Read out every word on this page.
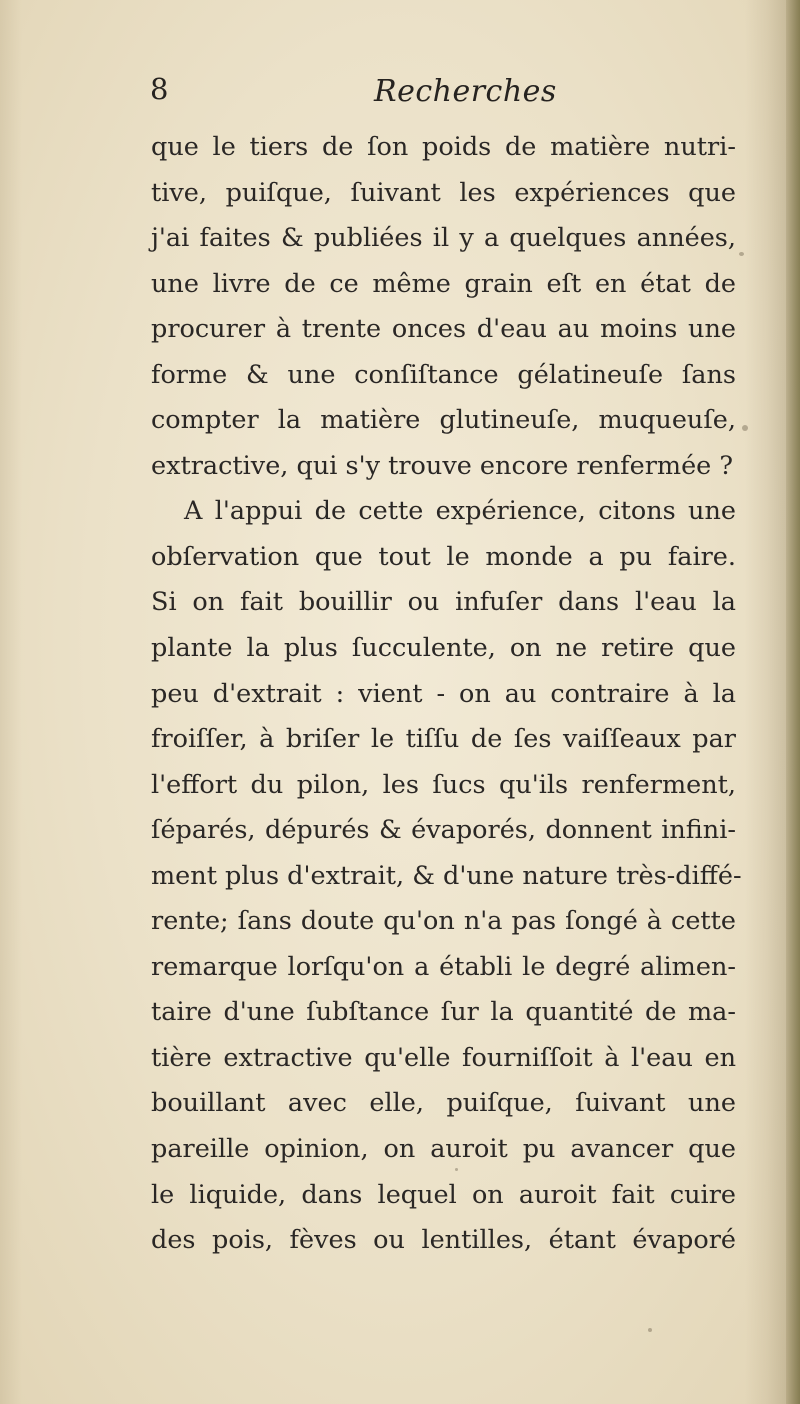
8	Recherches
que le tiers de ſon poids de matière nutri-
tive, puiſque, ſuivant les expériences que
j'ai faites & publiées il y a quelques années,
une livre de ce même grain eſt en état de
procurer à trente onces d'eau au moins une
forme & une conſiſtance gélatineuſe ſans
compter la matière glutineuſe, muqueuſe,
extractive, qui s'y trouve encore renfermée ?
A l'appui de cette expérience, citons une
obſervation que tout le monde a pu faire.
Si on fait bouillir ou infuſer dans l'eau la
plante la plus ſucculente, on ne retire que
peu d'extrait : vient - on au contraire à la
froiſſer, à briſer le tiſſu de ſes vaiſſeaux par
l'effort du pilon, les ſucs qu'ils renferment,
ſéparés, dépurés & évaporés, donnent infini-
ment plus d'extrait, & d'une nature très-diffé-
rente; ſans doute qu'on n'a pas ſongé à cette
remarque lorſqu'on a établi le degré alimen-
taire d'une ſubſtance ſur la quantité de ma-
tière extractive qu'elle fourniſſoit à l'eau en
bouillant avec elle, puiſque, ſuivant une
pareille opinion, on auroit pu avancer que
le liquide, dans lequel on auroit fait cuire
des pois, fèves ou lentilles, étant évaporé
